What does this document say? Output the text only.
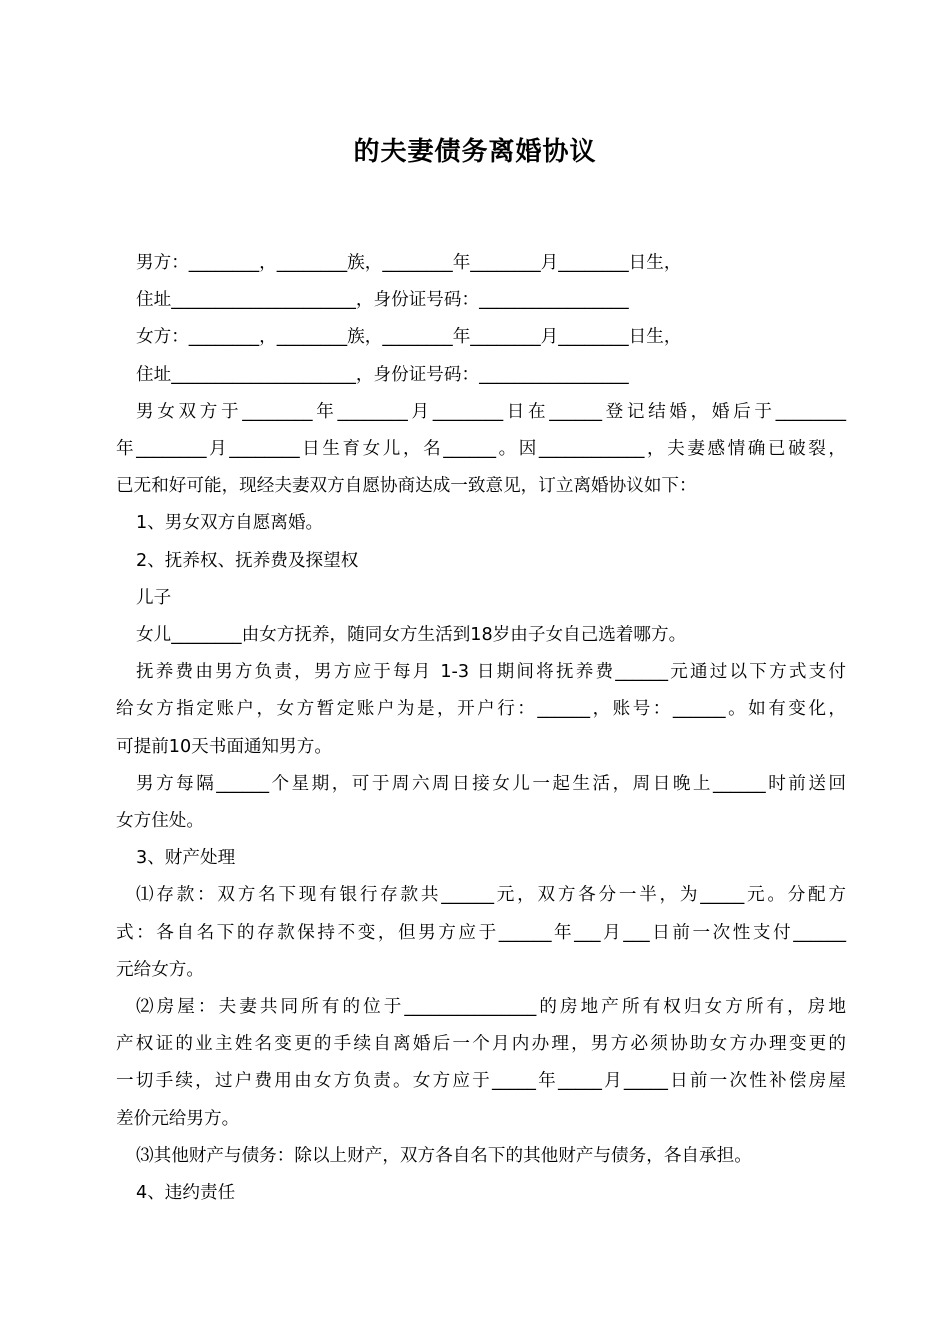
的夫妻债务离婚协议

男方：________，________族，________年________月________日生，

住址_____________________，身份证号码：_________________

女方：________，________族，________年________月________日生，

住址_____________________，身份证号码：_________________

男女双方于________年________月________日在______登记结婚，婚后于________

年________月________日生育女儿，名______。因____________，夫妻感情确已破裂，

已无和好可能，现经夫妻双方自愿协商达成一致意见，订立离婚协议如下：

1、男女双方自愿离婚。

2、抚养权、抚养费及探望权

儿子

女儿________由女方抚养，随同女方生活到18岁由子女自己选着哪方。

抚养费由男方负责，男方应于每月 1-3 日期间将抚养费______元通过以下方式支付

给女方指定账户，女方暂定账户为是，开户行：______，账号：______。如有变化，

可提前10天书面通知男方。

男方每隔______个星期，可于周六周日接女儿一起生活，周日晚上______时前送回

女方住处。

3、财产处理

⑴存款：双方名下现有银行存款共______元，双方各分一半，为_____元。分配方

式：各自名下的存款保持不变，但男方应于______年___月___日前一次性支付______

元给女方。

⑵房屋：夫妻共同所有的位于_______________的房地产所有权归女方所有，房地

产权证的业主姓名变更的手续自离婚后一个月内办理，男方必须协助女方办理变更的

一切手续，过户费用由女方负责。女方应于_____年_____月_____日前一次性补偿房屋

差价元给男方。

⑶其他财产与债务：除以上财产，双方各自名下的其他财产与债务，各自承担。

4、违约责任
